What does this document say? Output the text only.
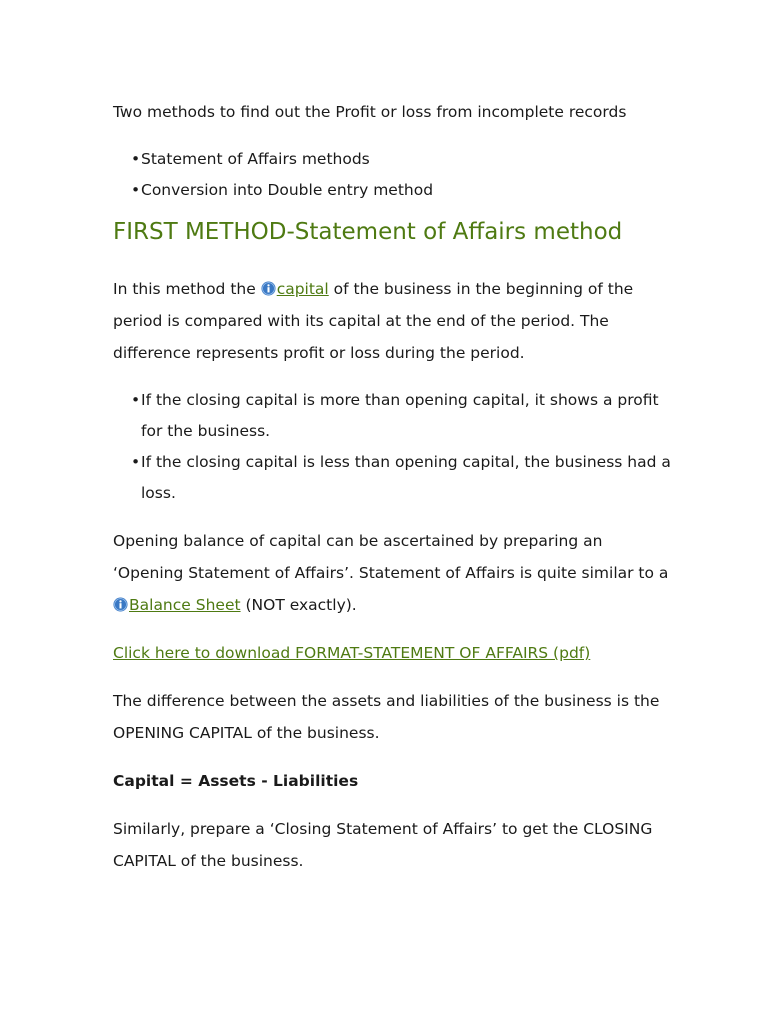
Two methods to find out the Profit or loss from incomplete records

• Statement of Affairs methods
• Conversion into Double entry method
FIRST METHOD-Statement of Affairs method

In this method the capital of the business in the beginning of the period is compared with its capital at the end of the period. The difference represents profit or loss during the period.

• If the closing capital is more than opening capital, it shows a profit for the business.
• If the closing capital is less than opening capital, the business had a loss.

Opening balance of capital can be ascertained by preparing an ‘Opening Statement of Affairs’. Statement of Affairs is quite similar to a Balance Sheet (NOT exactly).

Click here to download FORMAT-STATEMENT OF AFFAIRS (pdf)

The difference between the assets and liabilities of the business is the OPENING CAPITAL of the business.

Capital = Assets - Liabilities

Similarly, prepare a ‘Closing Statement of Affairs’ to get the CLOSING CAPITAL of the business.
